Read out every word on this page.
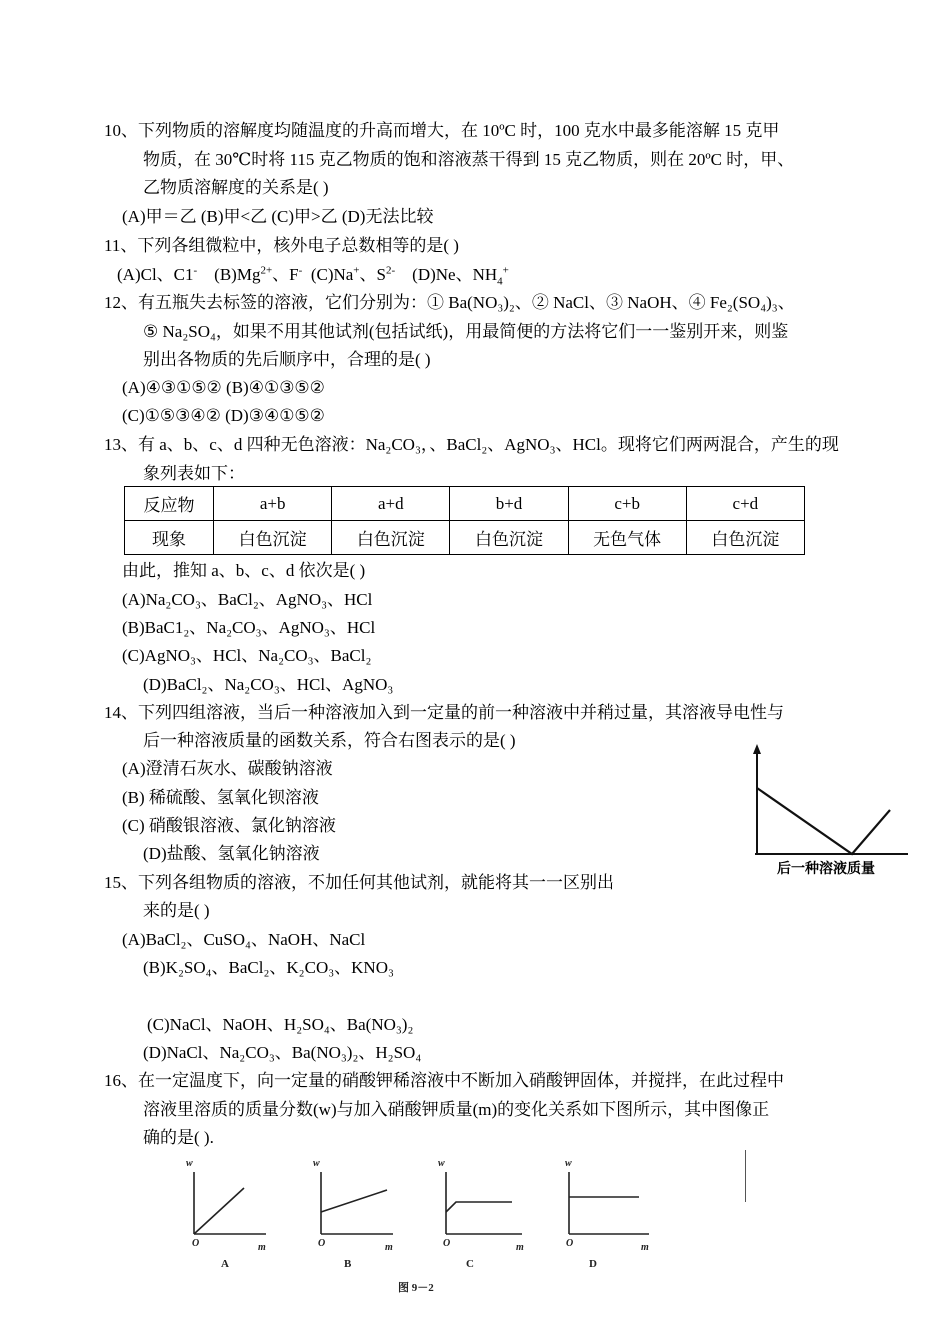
10、下列物质的溶解度均随温度的升高而增大，在 10ºC 时，100 克水中最多能溶解 15 克甲
物质，在 30℃时将 115 克乙物质的饱和溶液蒸干得到 15 克乙物质，则在 20ºC 时，甲、
乙物质溶解度的关系是( )
(A)甲＝乙 (B)甲<乙 (C)甲>乙 (D)无法比较
11、下列各组微粒中，核外电子总数相等的是( )
(A)Cl、C1- $(B)Mg^{2+}$、F- (C)Na+、$S^{2-}$ (D)Ne、$NH_4^+$
12、有五瓶失去标签的溶液，它们分别为：① Ba(NO₃)₂、② NaCl、③ NaOH、④ Fe₂(SO₄)₃、
⑤ Na₂SO₄，如果不用其他试剂(包括试纸)，用最简便的方法将它们一一鉴别开来，则鉴
别出各物质的先后顺序中，合理的是( )
(A)④③①⑤② (B)④①③⑤②
(C)①⑤③④② (D)③④①⑤②
13、有 a、b、c、d 四种无色溶液：Na₂CO₃，、BaCl₂、AgNO₃、HCl。现将它们两两混合，产生的现
象列表如下：
反应物	a+b	a+d	b+d	c+b	c+d
现象	白色沉淀	白色沉淀	白色沉淀	无色气体	白色沉淀
由此，推知 a、b、c、d 依次是( )
(A)Na₂CO₃、BaCl₂、AgNO₃、HCl
(B)BaC1₂、Na₂CO₃、AgNO₃、HCl
(C)AgNO₃、HCl、Na₂CO₃、BaCl₂
(D)BaCl₂、Na₂CO₃、HCl、AgNO₃
14、下列四组溶液，当后一种溶液加入到一定量的前一种溶液中并稍过量，其溶液导电性与
后一种溶液质量的函数关系，符合右图表示的是( )
(A)澄清石灰水、碳酸钠溶液
(B) 稀硫酸、氢氧化钡溶液
(C) 硝酸银溶液、氯化钠溶液
(D)盐酸、氢氧化钠溶液
后一种溶液质量
15、下列各组物质的溶液，不加任何其他试剂，就能将其一一区别出
来的是( )
(A)BaCl₂、CuSO₄、NaOH、NaCl
(B)K₂SO₄、BaCl₂、K₂CO₃、KNO₃
(C)NaCl、NaOH、H₂SO₄、Ba(NO₃)₂
(D)NaCl、Na₂CO₃、Ba(NO₃)₂、H₂SO₄
16、在一定温度下，向一定量的硝酸钾稀溶液中不断加入硝酸钾固体，并搅拌，在此过程中
溶液里溶质的质量分数(w)与加入硝酸钾质量(m)的变化关系如下图所示，其中图像正
确的是( ).
w
O	m
A
w
O	m
B
w
O	m
C
w
O	m
D
图 9－2
